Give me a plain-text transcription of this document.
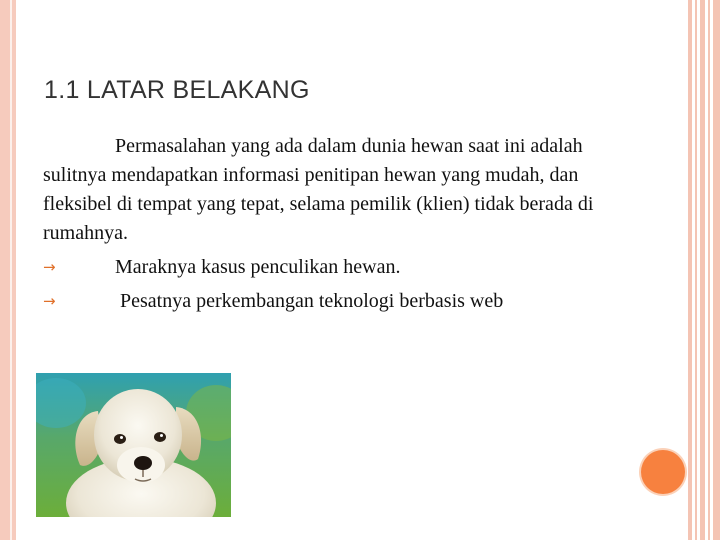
1.1 LATAR BELAKANG

Permasalahan yang ada dalam dunia hewan saat ini adalah sulitnya mendapatkan informasi penitipan hewan yang mudah, dan fleksibel di tempat yang tepat, selama pemilik (klien) tidak berada di rumahnya.

→	Maraknya kasus penculikan hewan.
→	Pesatnya perkembangan teknologi berbasis web
